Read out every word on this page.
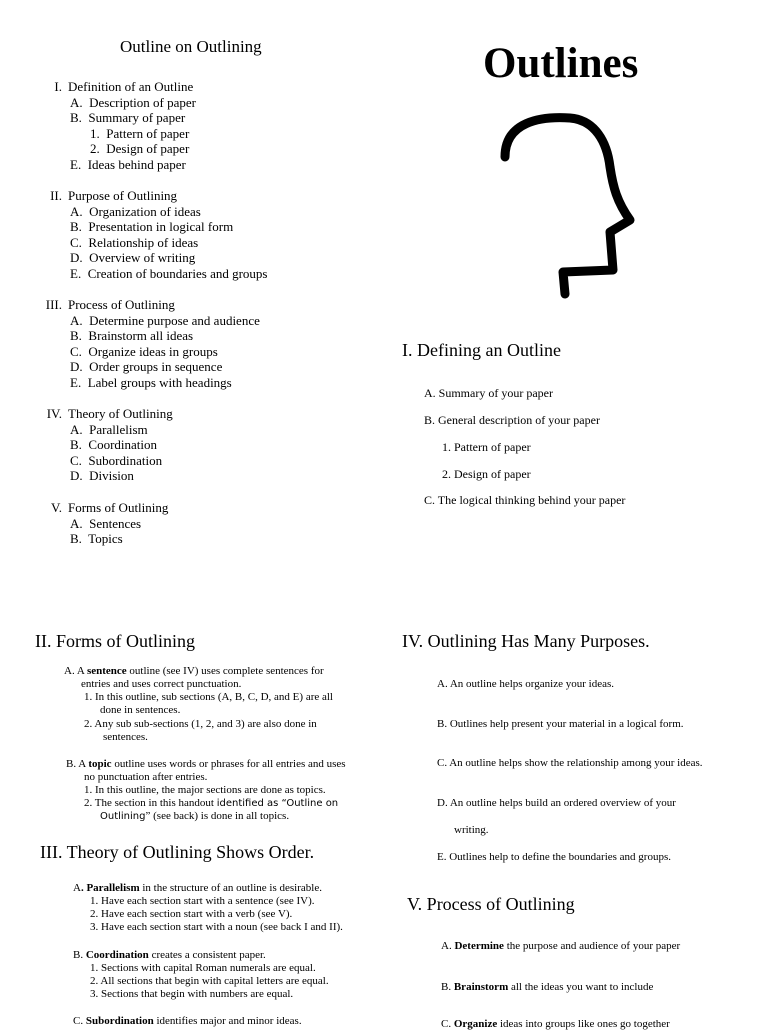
Outline on Outlining
I. Definition of an Outline
A.  Description of paper
B.  Summary of paper
1.  Pattern of paper
2.  Design of paper
E.  Ideas behind paper
II. Purpose of Outlining
A.  Organization of ideas
B.  Presentation in logical form
C.  Relationship of ideas
D.  Overview of writing
E.  Creation of boundaries and groups
III. Process of Outlining
A.  Determine purpose and audience
B.  Brainstorm all ideas
C.  Organize ideas in groups
D.  Order groups in sequence
E.  Label groups with headings
IV. Theory of Outlining
A.  Parallelism
B.  Coordination
C.  Subordination
D.  Division
V. Forms of Outlining
A.  Sentences
B.  Topics
Outlines
I. Defining an Outline
A. Summary of your paper
B. General description of your paper
1. Pattern of paper
2. Design of paper
C. The logical thinking behind your paper
II. Forms of Outlining
A. A sentence outline (see IV) uses complete sentences for
entries and uses correct punctuation.
1. In this outline, sub sections (A, B, C, D, and E) are all
done in sentences.
2. Any sub sub-sections (1, 2, and 3) are also done in
sentences.
B. A topic outline uses words or phrases for all entries and uses
no punctuation after entries.
1. In this outline, the major sections are done as topics.
2. The section in this handout identified as “Outline on
Outlining” (see back) is done in all topics.
III. Theory of Outlining Shows Order.
A. Parallelism in the structure of an outline is desirable.
1. Have each section start with a sentence (see IV).
2. Have each section start with a verb (see V).
3. Have each section start with a noun (see back I and II).
B. Coordination creates a consistent paper.
1. Sections with capital Roman numerals are equal.
2. All sections that begin with capital letters are equal.
3. Sections that begin with numbers are equal.
C. Subordination identifies major and minor ideas.
IV. Outlining Has Many Purposes.
A. An outline helps organize your ideas.
B. Outlines help present your material in a logical form.
C. An outline helps show the relationship among your ideas.
D. An outline helps build an ordered overview of your
writing.
E. Outlines help to define the boundaries and groups.
V. Process of Outlining
A. Determine the purpose and audience of your paper
B. Brainstorm all the ideas you want to include
C. Organize ideas into groups like ones go together
